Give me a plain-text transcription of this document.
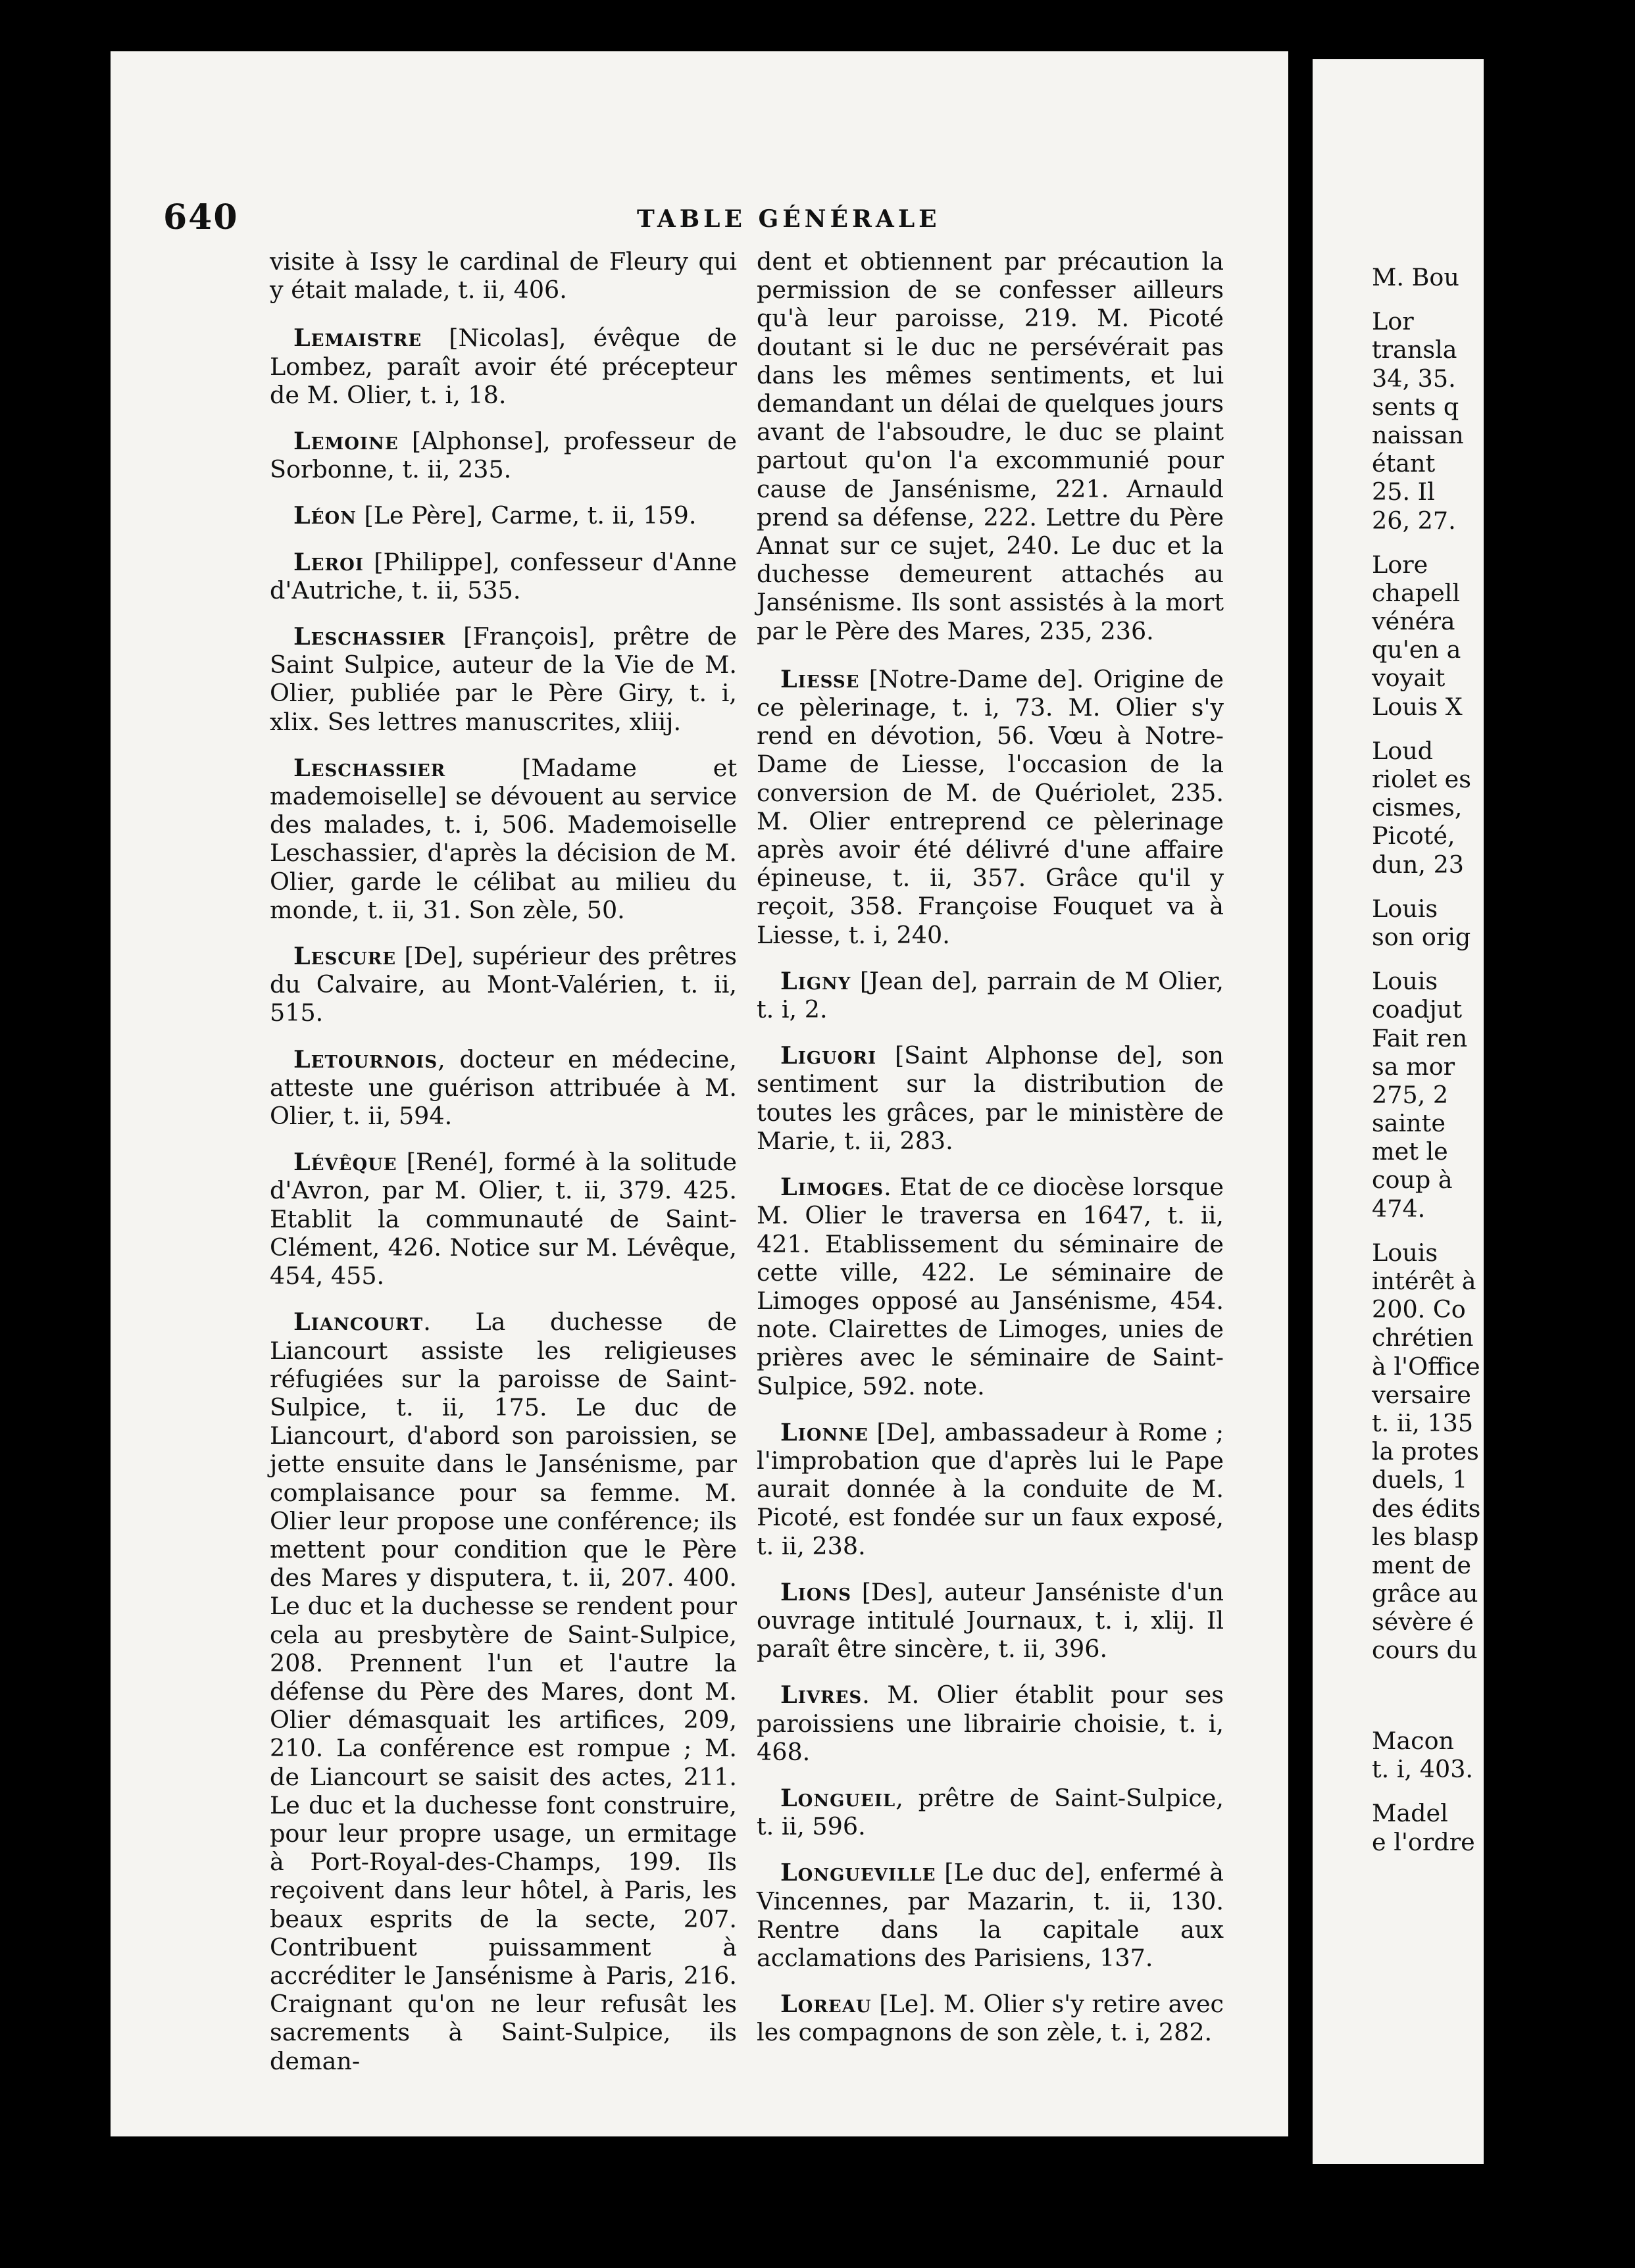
640	TABLE GÉNÉRALE

visite à Issy le cardinal de Fleury qui y était malade, t. ii, 406.

Lemaistre [Nicolas], évêque de Lombez, paraît avoir été précepteur de M. Olier, t. i, 18.

Lemoine [Alphonse], professeur de Sorbonne, t. ii, 235.

Léon [Le Père], Carme, t. ii, 159.

Leroi [Philippe], confesseur d'Anne d'Autriche, t. ii, 535.

Leschassier [François], prêtre de Saint Sulpice, auteur de la Vie de M. Olier, publiée par le Père Giry, t. i, xlix. Ses lettres manuscrites, xliij.

Leschassier [Madame et mademoiselle] se dévouent au service des malades, t. i, 506. Mademoiselle Leschassier, d'après la décision de M. Olier, garde le célibat au milieu du monde, t. ii, 31. Son zèle, 50.

Lescure [De], supérieur des prêtres du Calvaire, au Mont-Valérien, t. ii, 515.

Letournois, docteur en médecine, atteste une guérison attribuée à M. Olier, t. ii, 594.

Lévêque [René], formé à la solitude d'Avron, par M. Olier, t. ii, 379. 425. Etablit la communauté de Saint-Clément, 426. Notice sur M. Lévêque, 454, 455.

Liancourt. La duchesse de Liancourt assiste les religieuses réfugiées sur la paroisse de Saint-Sulpice, t. ii, 175. Le duc de Liancourt, d'abord son paroissien, se jette ensuite dans le Jansénisme, par complaisance pour sa femme. M. Olier leur propose une conférence; ils mettent pour condition que le Père des Mares y disputera, t. ii, 207. 400. Le duc et la duchesse se rendent pour cela au presbytère de Saint-Sulpice, 208. Prennent l'un et l'autre la défense du Père des Mares, dont M. Olier démasquait les artifices, 209, 210. La conférence est rompue ; M. de Liancourt se saisit des actes, 211. Le duc et la duchesse font construire, pour leur propre usage, un ermitage à Port-Royal-des-Champs, 199. Ils reçoivent dans leur hôtel, à Paris, les beaux esprits de la secte, 207. Contribuent puissamment à accréditer le Jansénisme à Paris, 216. Craignant qu'on ne leur refusât les sacrements à Saint-Sulpice, ils deman-

dent et obtiennent par précaution la permission de se confesser ailleurs qu'à leur paroisse, 219. M. Picoté doutant si le duc ne persévérait pas dans les mêmes sentiments, et lui demandant un délai de quelques jours avant de l'absoudre, le duc se plaint partout qu'on l'a excommunié pour cause de Jansénisme, 221. Arnauld prend sa défense, 222. Lettre du Père Annat sur ce sujet, 240. Le duc et la duchesse demeurent attachés au Jansénisme. Ils sont assistés à la mort par le Père des Mares, 235, 236.

Liesse [Notre-Dame de]. Origine de ce pèlerinage, t. i, 73. M. Olier s'y rend en dévotion, 56. Vœu à Notre-Dame de Liesse, l'occasion de la conversion de M. de Quériolet, 235. M. Olier entreprend ce pèlerinage après avoir été délivré d'une affaire épineuse, t. ii, 357. Grâce qu'il y reçoit, 358. Françoise Fouquet va à Liesse, t. i, 240.

Ligny [Jean de], parrain de M Olier, t. i, 2.

Liguori [Saint Alphonse de], son sentiment sur la distribution de toutes les grâces, par le ministère de Marie, t. ii, 283.

Limoges. Etat de ce diocèse lorsque M. Olier le traversa en 1647, t. ii, 421. Etablissement du séminaire de cette ville, 422. Le séminaire de Limoges opposé au Jansénisme, 454. note. Clairettes de Limoges, unies de prières avec le séminaire de Saint-Sulpice, 592. note.

Lionne [De], ambassadeur à Rome ; l'improbation que d'après lui le Pape aurait donnée à la conduite de M. Picoté, est fondée sur un faux exposé, t. ii, 238.

Lions [Des], auteur Janséniste d'un ouvrage intitulé Journaux, t. i, xlij. Il paraît être sincère, t. ii, 396.

Livres. M. Olier établit pour ses paroissiens une librairie choisie, t. i, 468.

Longueil, prêtre de Saint-Sulpice, t. ii, 596.

Longueville [Le duc de], enfermé à Vincennes, par Mazarin, t. ii, 130. Rentre dans la capitale aux acclamations des Parisiens, 137.

Loreau [Le]. M. Olier s'y retire avec les compagnons de son zèle, t. i, 282.

M. Bou
Lor
transla
34, 35.
sents q
naissan
étant
25. Il
26, 27.
Lore
chapell
vénéra
qu'en a
voyait
Louis X
Loud
riolet es
cismes,
Picoté,
dun, 23
Louis
son orig
Louis
coadjut
Fait ren
sa mor
275, 2
sainte
met le
coup à
474.
Louis
intérêt à
200. Co
chrétien
à l'Office
versaire
t. ii, 135
la protes
duels, 1
des édits
les blasp
ment de
grâce au
sévère é
cours du
Macon
t. i, 403.
Madel
e l'ordre
